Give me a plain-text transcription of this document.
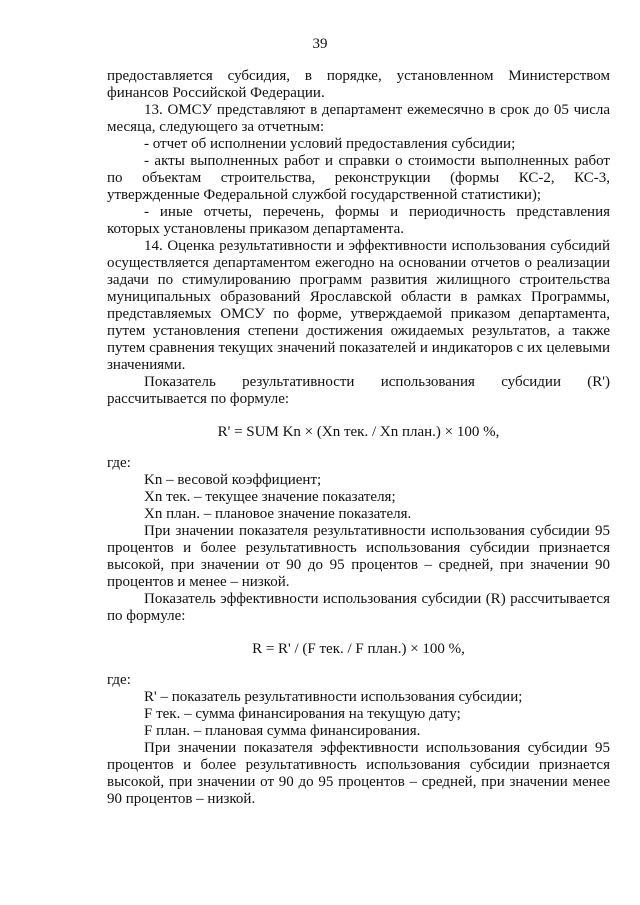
39

предоставляется субсидия, в порядке, установленном Министерством финансов Российской Федерации.

13. ОМСУ представляют в департамент ежемесячно в срок до 05 числа месяца, следующего за отчетным:

- отчет об исполнении условий предоставления субсидии;

- акты выполненных работ и справки о стоимости выполненных работ по объектам строительства, реконструкции (формы КС-2, КС-3, утвержденные Федеральной службой государственной статистики);

- иные отчеты, перечень, формы и периодичность представления которых установлены приказом департамента.

14. Оценка результативности и эффективности использования субсидий осуществляется департаментом ежегодно на основании отчетов о реализации задачи по стимулированию программ развития жилищного строительства муниципальных образований Ярославской области в рамках Программы, представляемых ОМСУ по форме, утверждаемой приказом департамента, путем установления степени достижения ожидаемых результатов, а также путем сравнения текущих значений показателей и индикаторов с их целевыми значениями.

Показатель результативности использования субсидии (R') рассчитывается по формуле:

R' = SUM Kn × (Xn тек. / Xn план.) × 100 %,

где:

Kn – весовой коэффициент;

Xn тек. – текущее значение показателя;

Xn план. – плановое значение показателя.

При значении показателя результативности использования субсидии 95 процентов и более результативность использования субсидии признается высокой, при значении от 90 до 95 процентов – средней, при значении 90 процентов и менее – низкой.

Показатель эффективности использования субсидии (R) рассчитывается по формуле:

R = R' / (F тек. / F план.) × 100 %,

где:

R' – показатель результативности использования субсидии;

F тек. – сумма финансирования на текущую дату;

F план. – плановая сумма финансирования.

При значении показателя эффективности использования субсидии 95 процентов и более результативность использования субсидии признается высокой, при значении от 90 до 95 процентов – средней, при значении менее 90 процентов – низкой.
